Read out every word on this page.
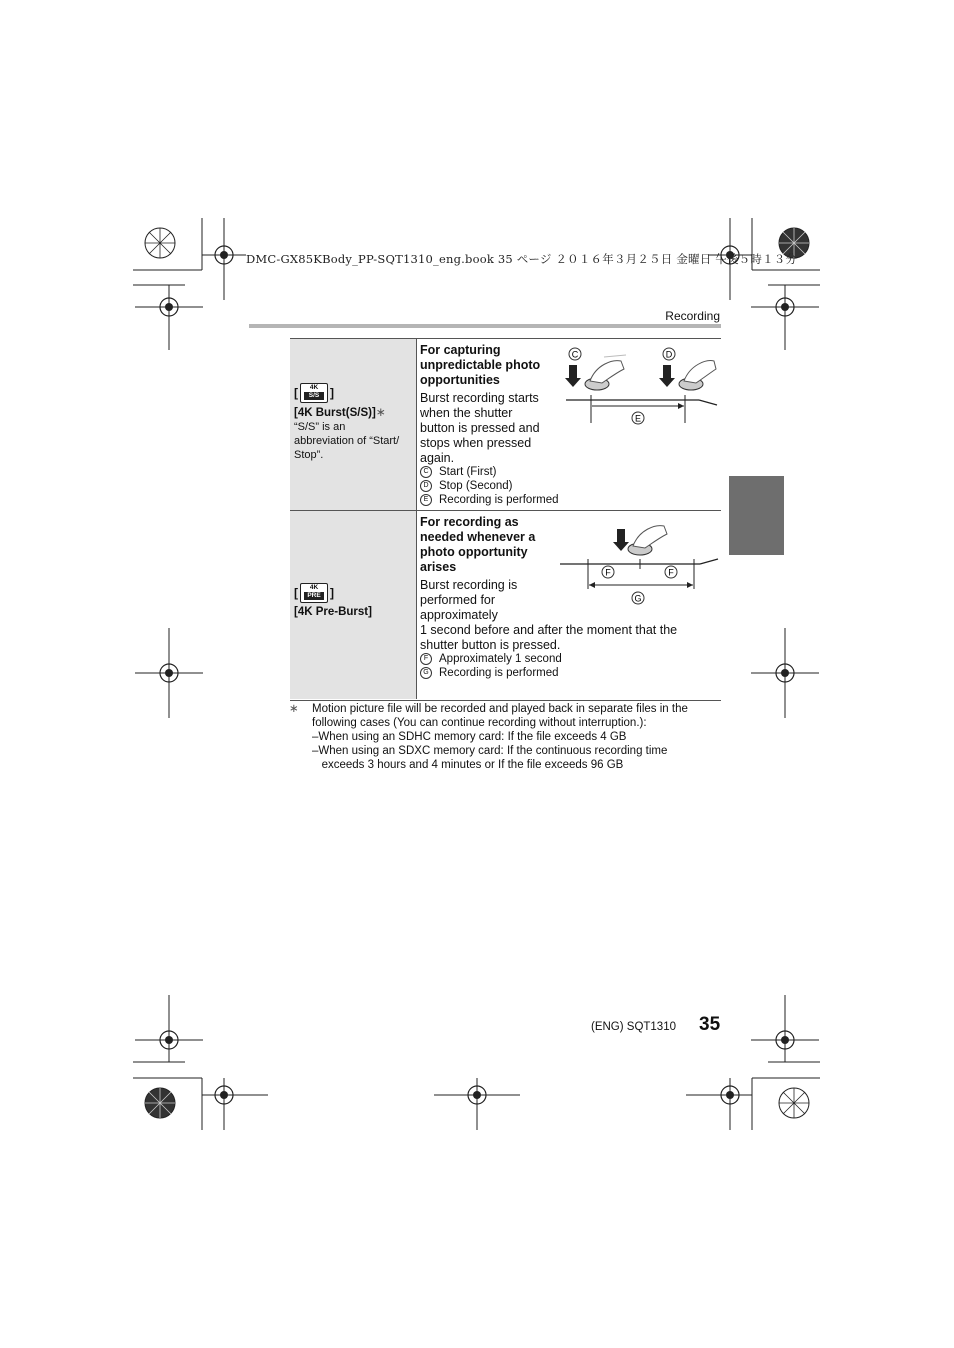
DMC-GX85KBody_PP-SQT1310_eng.book 35 ページ ２０１６年３月２５日 金曜日 午後５時１３分
Recording
[	4K
S/S ]
[4K Burst(S/S)]∗
“S/S” is an
abbreviation of “Start/
Stop”.
For capturing
unpredictable photo
opportunities
Burst recording starts
when the shutter
button is pressed and
stops when pressed
again.
C Start (First)
D Stop (Second)
E Recording is performed
C	D
E
[	4K
PRE ]
[4K Pre-Burst]
For recording as
needed whenever a
photo opportunity
arises
Burst recording is
performed for
approximately
1 second before and after the moment that the
shutter button is pressed.
F Approximately 1 second
G Recording is performed
F	F
G
∗ Motion picture file will be recorded and played back in separate files in the
following cases (You can continue recording without interruption.):
–When using an SDHC memory card: If the file exceeds 4 GB
–When using an SDXC memory card: If the continuous recording time
exceeds 3 hours and 4 minutes or If the file exceeds 96 GB
(ENG) SQT1310 35
